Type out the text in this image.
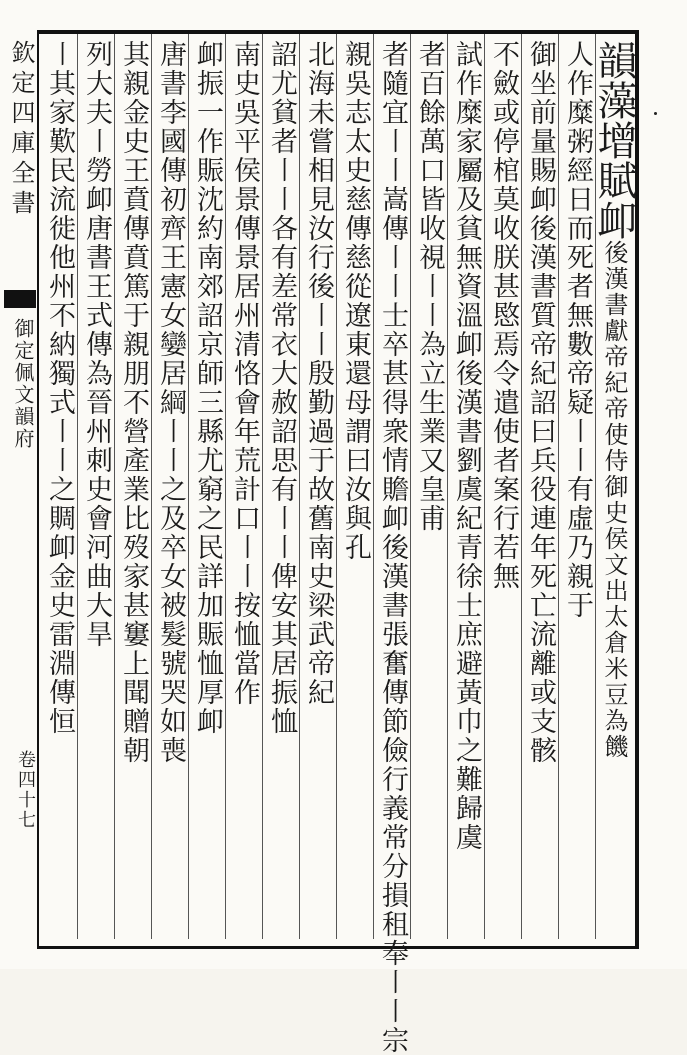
欽定四庫全書
御定佩文韻府
卷四十七
韻藻增賦卹後漢書獻帝紀帝使侍御史侯文出太倉米豆為饑
人作糜粥經日而死者無數帝疑〡〡有虛乃親于
御坐前量賜卹後漢書質帝紀詔曰兵役連年死亡流離或支骸
不斂或停棺莫收朕甚愍焉令遣使者案行若無
試作糜家屬及貧無資溫卹後漢書劉虞紀青徐士庶避黃巾之難歸虞
者百餘萬口皆收視〡〡為立生業又皇甫
者隨宜〡〡嵩傳〡〡士卒甚得衆情贍卹後漢書張奮傳節儉行義常分損租奉〡〡宗
親吳志太史慈傳慈從遼東還母謂曰汝與孔
北海未嘗相見汝行後〡〡殷勤過于故舊南史梁武帝紀
詔尤貧者〡〡各有差常衣大赦詔思有〡〡俾安其居振恤
南史吳平侯景傳景居州清恪會年荒計口〡〡按恤當作
卹振一作賑沈約南郊詔京師三縣尤窮之民詳加賑恤厚卹
唐書李國傳初齊王憲女孌居綱〡〡之及卒女被髮號哭如喪
其親金史王賁傳賁篤于親朋不營產業比歿家甚窶上聞贈朝
列大夫〡勞卹唐書王式傳為晉州刺史會河曲大旱
〡其家歎民流徙他州不納獨式〡〡之賙卹金史雷淵傳恒
